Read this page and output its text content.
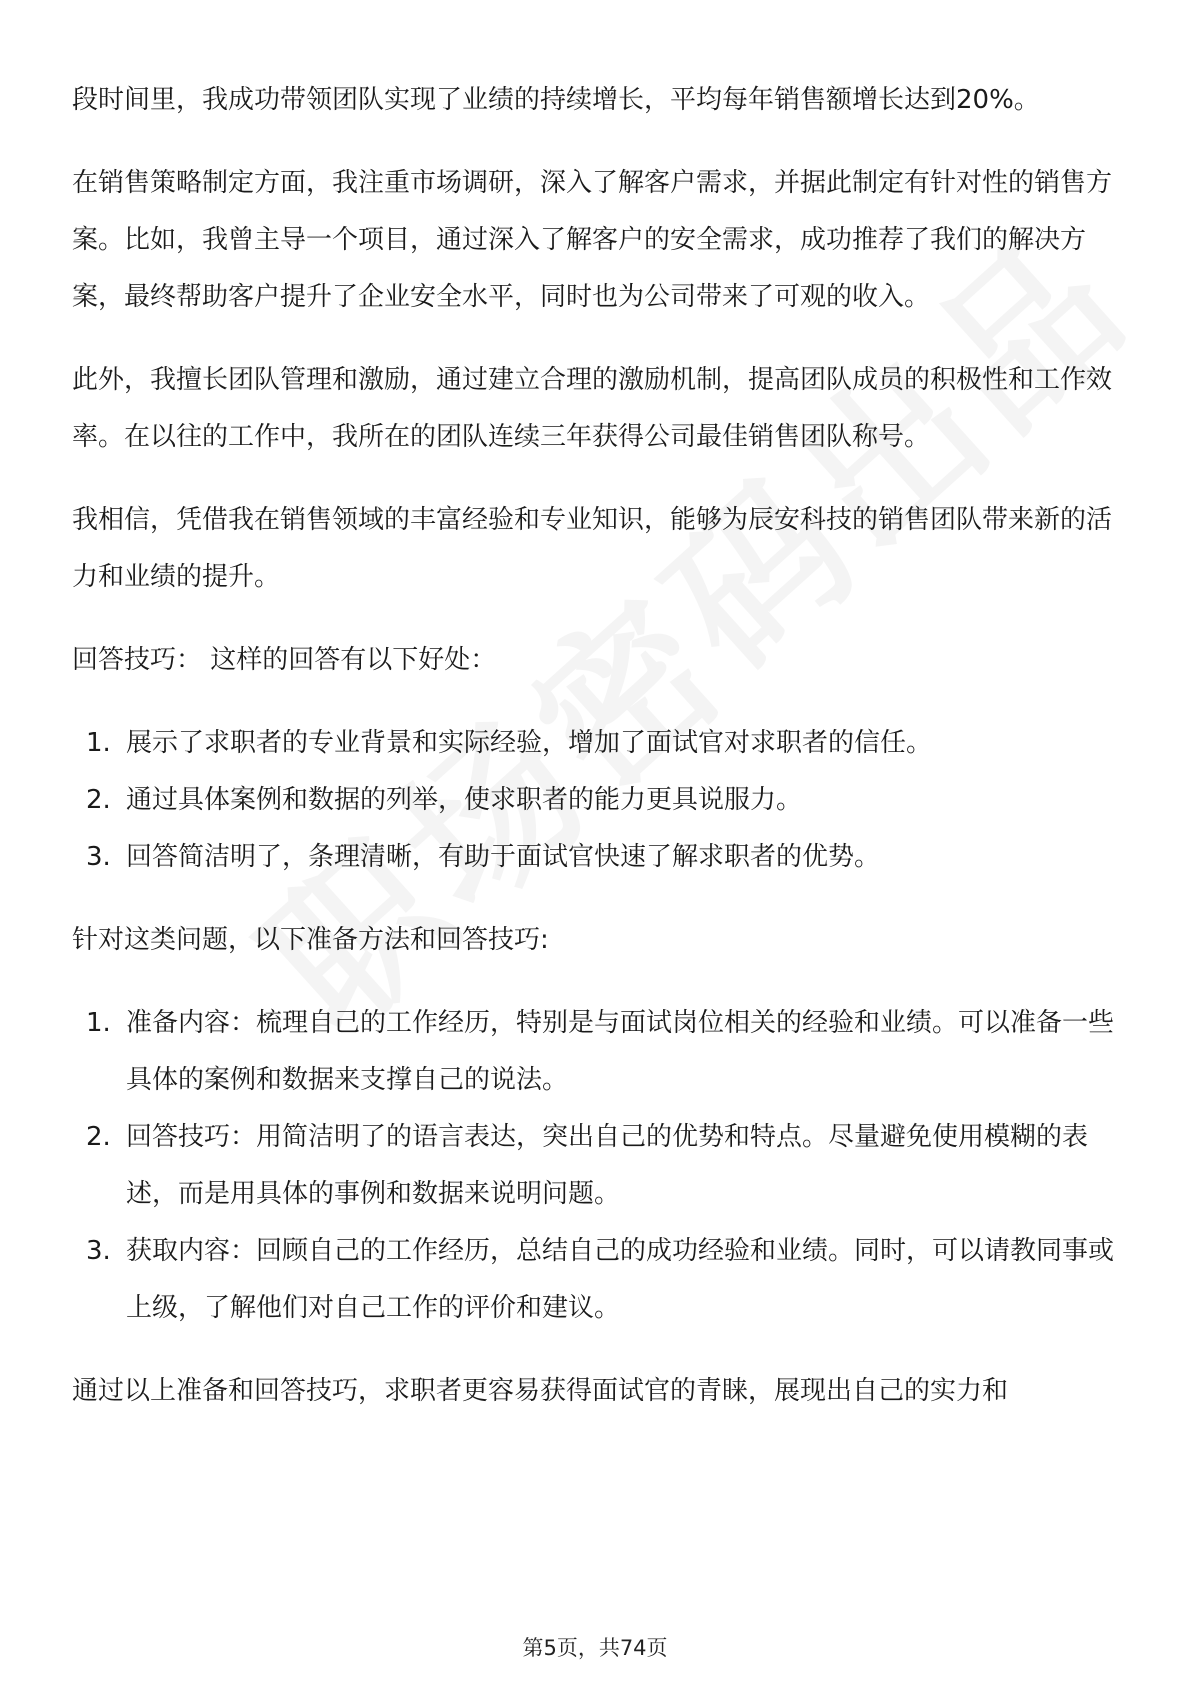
段时间里，我成功带领团队实现了业绩的持续增长，平均每年销售额增长达到20%。

在销售策略制定方面，我注重市场调研，深入了解客户需求，并据此制定有针对性的销售方案。比如，我曾主导一个项目，通过深入了解客户的安全需求，成功推荐了我们的解决方案，最终帮助客户提升了企业安全水平，同时也为公司带来了可观的收入。

此外，我擅长团队管理和激励，通过建立合理的激励机制，提高团队成员的积极性和工作效率。在以往的工作中，我所在的团队连续三年获得公司最佳销售团队称号。

我相信，凭借我在销售领域的丰富经验和专业知识，能够为辰安科技的销售团队带来新的活力和业绩的提升。

回答技巧： 这样的回答有以下好处：

1. 展示了求职者的专业背景和实际经验，增加了面试官对求职者的信任。
2. 通过具体案例和数据的列举，使求职者的能力更具说服力。
3. 回答简洁明了，条理清晰，有助于面试官快速了解求职者的优势。

针对这类问题，以下准备方法和回答技巧:

1. 准备内容：梳理自己的工作经历，特别是与面试岗位相关的经验和业绩。可以准备一些具体的案例和数据来支撑自己的说法。
2. 回答技巧：用简洁明了的语言表达，突出自己的优势和特点。尽量避免使用模糊的表述，而是用具体的事例和数据来说明问题。
3. 获取内容：回顾自己的工作经历，总结自己的成功经验和业绩。同时，可以请教同事或上级，了解他们对自己工作的评价和建议。

通过以上准备和回答技巧，求职者更容易获得面试官的青睐，展现出自己的实力和

第5页，共74页
